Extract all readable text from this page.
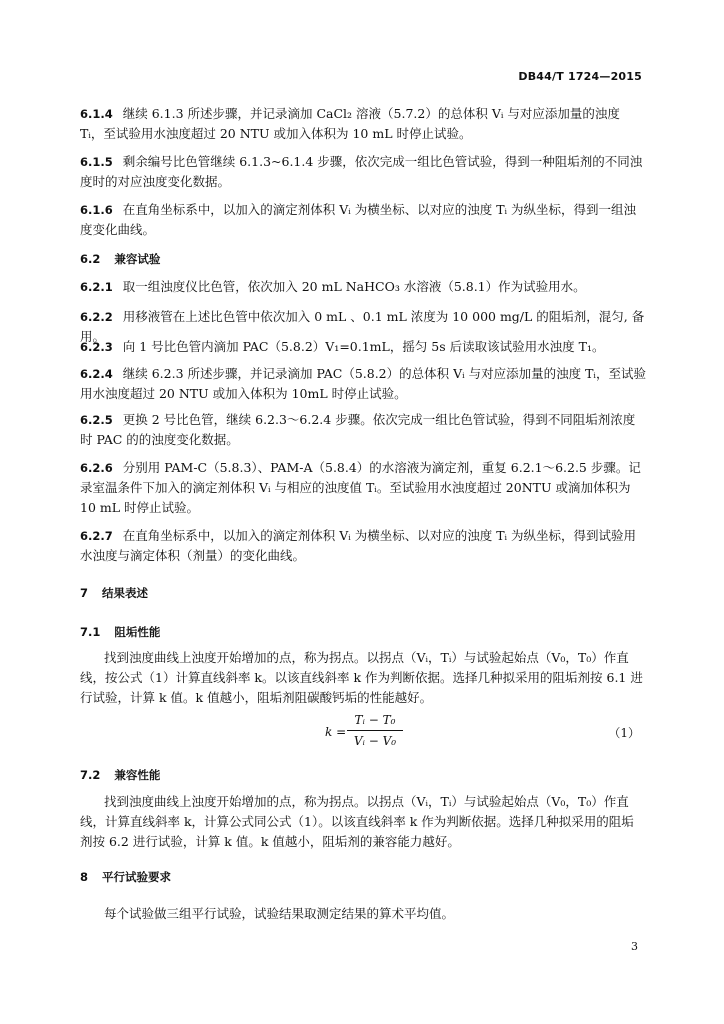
DB44/T 1724—2015
6.1.4 继续 6.1.3 所述步骤，并记录滴加 CaCl₂ 溶液（5.7.2）的总体积 Vᵢ 与对应添加量的浊度 Tᵢ，至试验用水浊度超过 20 NTU 或加入体积为 10 mL 时停止试验。
6.1.5 剩余编号比色管继续 6.1.3~6.1.4 步骤，依次完成一组比色管试验，得到一种阻垢剂的不同浊度时的对应浊度变化数据。
6.1.6 在直角坐标系中，以加入的滴定剂体积 Vᵢ 为横坐标、以对应的浊度 Tᵢ 为纵坐标，得到一组浊度变化曲线。
6.2 兼容试验
6.2.1 取一组浊度仪比色管，依次加入 20 mL NaHCO₃ 水溶液（5.8.1）作为试验用水。
6.2.2 用移液管在上述比色管中依次加入 0 mL 、0.1 mL 浓度为 10 000 mg/L 的阻垢剂，混匀, 备用。
6.2.3 向 1 号比色管内滴加 PAC（5.8.2）V₁=0.1mL，摇匀 5s 后读取该试验用水浊度 T₁。
6.2.4 继续 6.2.3 所述步骤，并记录滴加 PAC（5.8.2）的总体积 Vᵢ 与对应添加量的浊度 Tᵢ，至试验用水浊度超过 20 NTU 或加入体积为 10mL 时停止试验。
6.2.5 更换 2 号比色管，继续 6.2.3～6.2.4 步骤。依次完成一组比色管试验，得到不同阻垢剂浓度时 PAC 的的浊度变化数据。
6.2.6 分别用 PAM-C（5.8.3）、PAM-A（5.8.4）的水溶液为滴定剂，重复 6.2.1～6.2.5 步骤。记录室温条件下加入的滴定剂体积 Vᵢ 与相应的浊度值 Tᵢ。至试验用水浊度超过 20NTU 或滴加体积为 10 mL 时停止试验。
6.2.7 在直角坐标系中，以加入的滴定剂体积 Vᵢ 为横坐标、以对应的浊度 Tᵢ 为纵坐标，得到试验用水浊度与滴定体积（剂量）的变化曲线。
7 结果表述
7.1 阻垢性能
找到浊度曲线上浊度开始增加的点，称为拐点。以拐点（Vᵢ，Tᵢ）与试验起始点（V₀，T₀）作直线，按公式（1）计算直线斜率 k。以该直线斜率 k 作为判断依据。选择几种拟采用的阻垢剂按 6.1 进行试验，计算 k 值。k 值越小，阻垢剂阻碳酸钙垢的性能越好。
k =
Tᵢ − T₀
Vᵢ − V₀
（1）
7.2 兼容性能
找到浊度曲线上浊度开始增加的点，称为拐点。以拐点（Vᵢ，Tᵢ）与试验起始点（V₀，T₀）作直线，计算直线斜率 k，计算公式同公式（1）。以该直线斜率 k 作为判断依据。选择几种拟采用的阻垢剂按 6.2 进行试验，计算 k 值。k 值越小，阻垢剂的兼容能力越好。
8 平行试验要求
每个试验做三组平行试验，试验结果取测定结果的算术平均值。
3
